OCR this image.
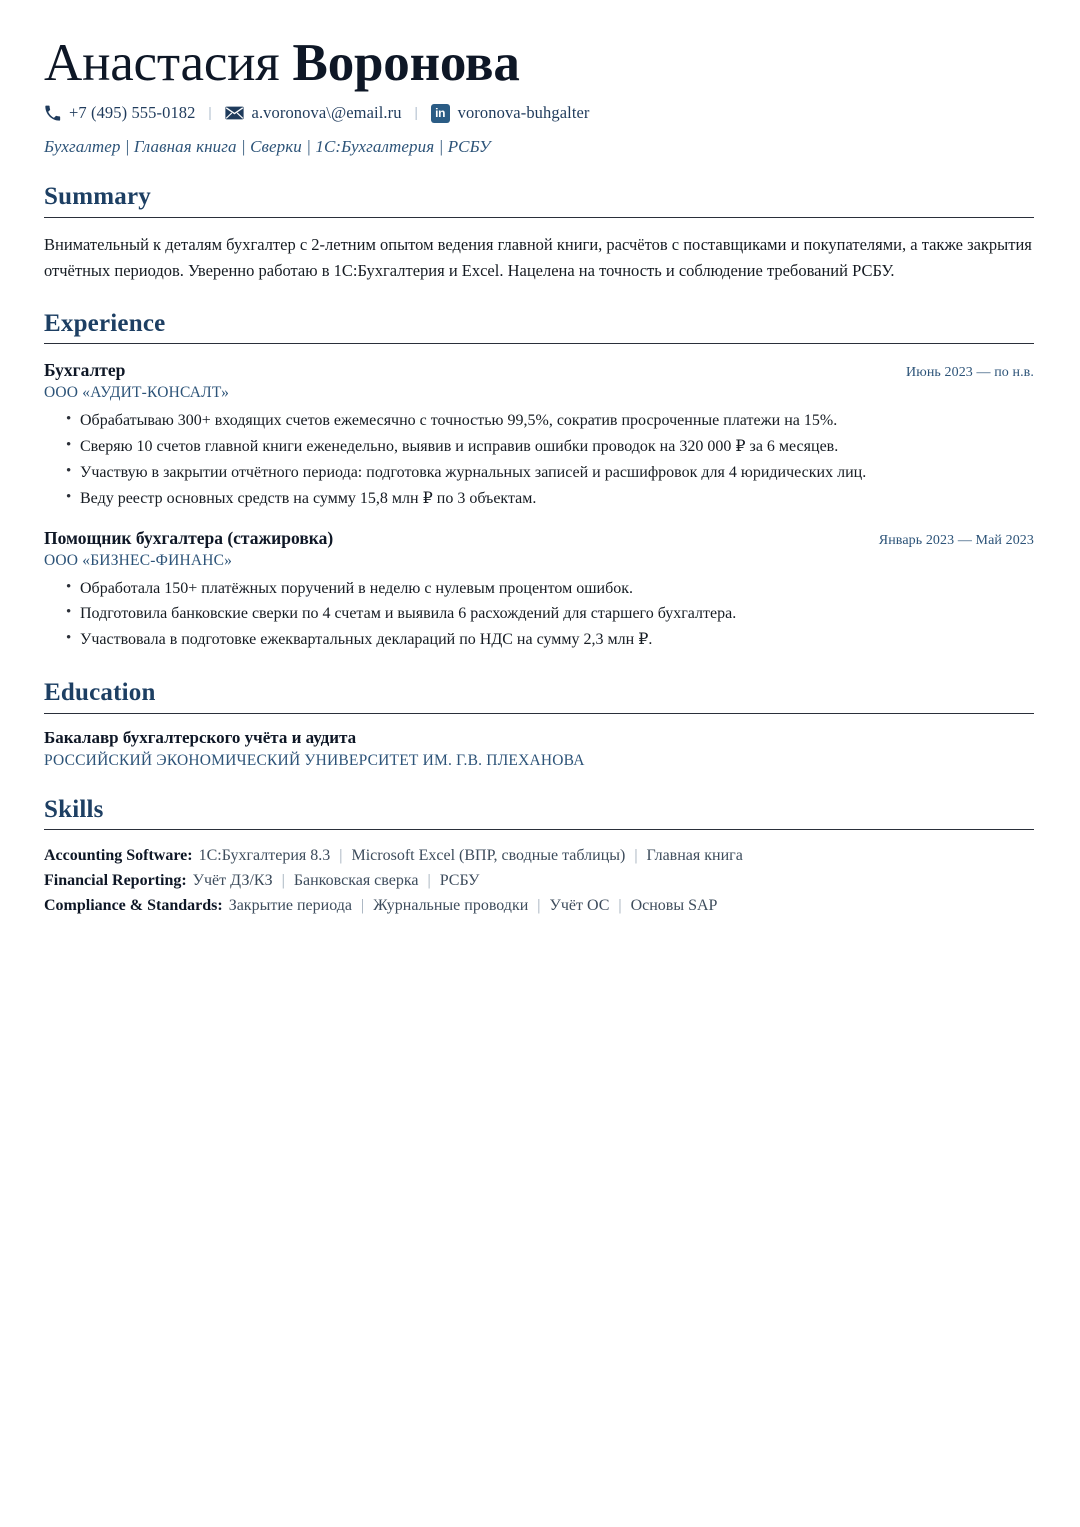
Анастасия Воронова
+7 (495) 555-0182 |	a.voronova\@email.ru |	in voronova-buhgalter
Бухгалтер | Главная книга | Сверки | 1С:Бухгалтерия | РСБУ
Summary
Внимательный к деталям бухгалтер с 2-летним опытом ведения главной книги, расчётов с поставщиками и покупателями, а также закрытия отчётных периодов. Уверенно работаю в 1С:Бухгалтерия и Excel. Нацелена на точность и соблюдение требований РСБУ.
Experience
Бухгалтер	Июнь 2023 — по н.в.
ООО «АУДИТ-КОНСАЛТ»
• Обрабатываю 300+ входящих счетов ежемесячно с точностью 99,5%, сократив просроченные платежи на 15%.
• Сверяю 10 счетов главной книги еженедельно, выявив и исправив ошибки проводок на 320 000 ₽ за 6 месяцев.
• Участвую в закрытии отчётного периода: подготовка журнальных записей и расшифровок для 4 юридических лиц.
• Веду реестр основных средств на сумму 15,8 млн ₽ по 3 объектам.
Помощник бухгалтера (стажировка)	Январь 2023 — Май 2023
ООО «БИЗНЕС-ФИНАНС»
• Обработала 150+ платёжных поручений в неделю с нулевым процентом ошибок.
• Подготовила банковские сверки по 4 счетам и выявила 6 расхождений для старшего бухгалтера.
• Участвовала в подготовке ежеквартальных деклараций по НДС на сумму 2,3 млн ₽.
Education
Бакалавр бухгалтерского учёта и аудита
РОССИЙСКИЙ ЭКОНОМИЧЕСКИЙ УНИВЕРСИТЕТ ИМ. Г.В. ПЛЕХАНОВА
Skills
Accounting Software: 1С:Бухгалтерия 8.3 | Microsoft Excel (ВПР, сводные таблицы) | Главная книга
Financial Reporting: Учёт ДЗ/КЗ | Банковская сверка | РСБУ
Compliance & Standards: Закрытие периода | Журнальные проводки | Учёт ОС | Основы SAP
